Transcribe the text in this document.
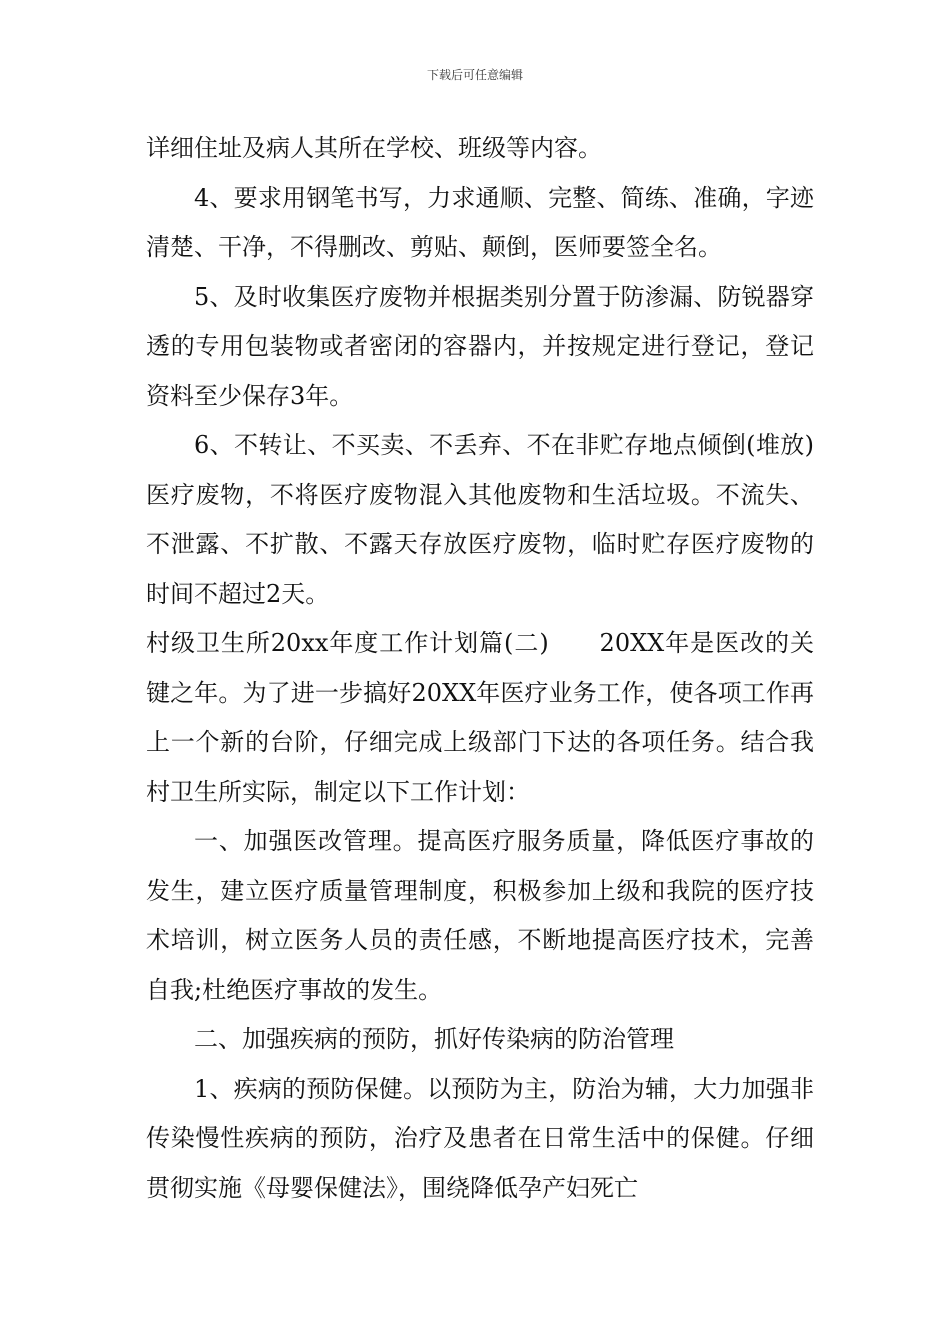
下载后可任意编辑

详细住址及病人其所在学校、班级等内容。

4、要求用钢笔书写，力求通顺、完整、简练、准确，字迹清楚、干净，不得删改、剪贴、颠倒，医师要签全名。

5、及时收集医疗废物并根据类别分置于防渗漏、防锐器穿透的专用包装物或者密闭的容器内，并按规定进行登记，登记资料至少保存3年。

6、不转让、不买卖、不丢弃、不在非贮存地点倾倒(堆放)医疗废物，不将医疗废物混入其他废物和生活垃圾。不流失、不泄露、不扩散、不露天存放医疗废物，临时贮存医疗废物的时间不超过2天。

村级卫生所20xx年度工作计划篇(二)　　20XX年是医改的关键之年。为了进一步搞好20XX年医疗业务工作，使各项工作再上一个新的台阶，仔细完成上级部门下达的各项任务。结合我村卫生所实际，制定以下工作计划：

一、加强医改管理。提高医疗服务质量，降低医疗事故的发生，建立医疗质量管理制度，积极参加上级和我院的医疗技术培训，树立医务人员的责任感，不断地提高医疗技术，完善自我;杜绝医疗事故的发生。

二、加强疾病的预防，抓好传染病的防治管理

1、疾病的预防保健。以预防为主，防治为辅，大力加强非传染慢性疾病的预防，治疗及患者在日常生活中的保健。仔细贯彻实施《母婴保健法》，围绕降低孕产妇死亡
